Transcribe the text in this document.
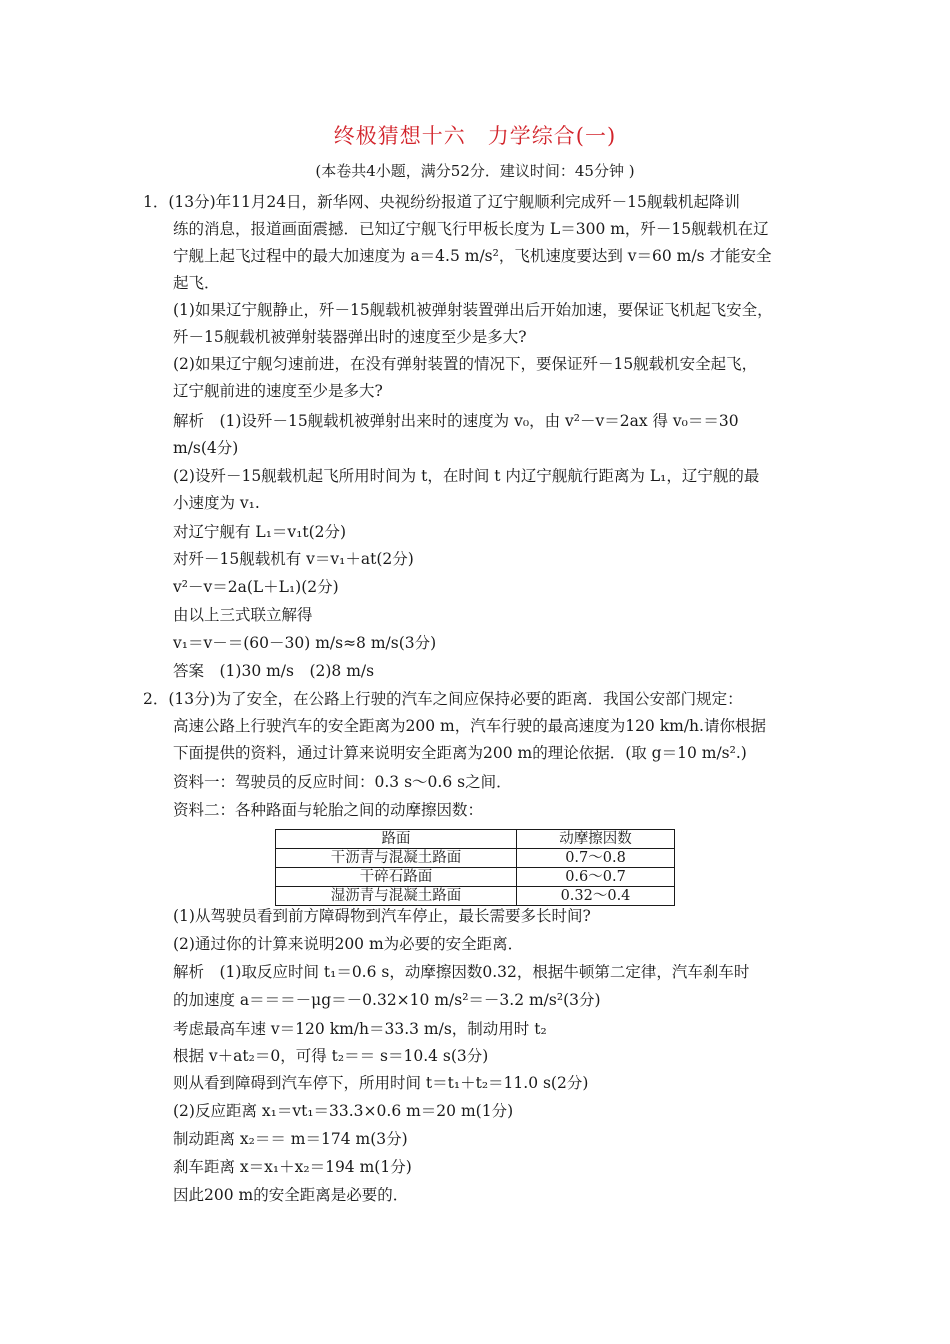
终极猜想十六　力学综合(一)
(本卷共4小题，满分52分．建议时间：45分钟 )
1．(13分)年11月24日，新华网、央视纷纷报道了辽宁舰顺利完成歼－15舰载机起降训
练的消息，报道画面震撼．已知辽宁舰飞行甲板长度为 L＝300 m，歼－15舰载机在辽
宁舰上起飞过程中的最大加速度为 a＝4.5 m/s²，飞机速度要达到 v＝60 m/s 才能安全
起飞．
(1)如果辽宁舰静止，歼－15舰载机被弹射装置弹出后开始加速，要保证飞机起飞安全，
歼－15舰载机被弹射装器弹出时的速度至少是多大?
(2)如果辽宁舰匀速前进，在没有弹射装置的情况下，要保证歼－15舰载机安全起飞，
辽宁舰前进的速度至少是多大?
解析　(1)设歼－15舰载机被弹射出来时的速度为 v₀，由 v²－v＝2ax 得 v₀＝＝30
m/s(4分)
(2)设歼－15舰载机起飞所用时间为 t，在时间 t 内辽宁舰航行距离为 L₁，辽宁舰的最
小速度为 v₁.
对辽宁舰有 L₁＝v₁t(2分)
对歼－15舰载机有 v＝v₁＋at(2分)
v²－v＝2a(L＋L₁)(2分)
由以上三式联立解得
v₁＝v－＝(60－30) m/s≈8 m/s(3分)
答案　(1)30 m/s　(2)8 m/s
2．(13分)为了安全，在公路上行驶的汽车之间应保持必要的距离．我国公安部门规定：
高速公路上行驶汽车的安全距离为200 m，汽车行驶的最高速度为120 km/h.请你根据
下面提供的资料，通过计算来说明安全距离为200 m的理论依据．(取 g＝10 m/s².)
资料一：驾驶员的反应时间：0.3 s～0.6 s之间．
资料二：各种路面与轮胎之间的动摩擦因数：
路面	动摩擦因数
干沥青与混凝土路面	0.7～0.8
干碎石路面	0.6～0.7
湿沥青与混凝土路面	0.32～0.4
(1)从驾驶员看到前方障碍物到汽车停止，最长需要多长时间?
(2)通过你的计算来说明200 m为必要的安全距离．
解析　(1)取反应时间 t₁＝0.6 s，动摩擦因数0.32，根据牛顿第二定律，汽车刹车时
的加速度 a＝＝＝－μg＝－0.32×10 m/s²＝－3.2 m/s²(3分)
考虑最高车速 v＝120 km/h＝33.3 m/s，制动用时 t₂
根据 v＋at₂＝0，可得 t₂＝＝ s＝10.4 s(3分)
则从看到障碍到汽车停下，所用时间 t＝t₁＋t₂＝11.0 s(2分)
(2)反应距离 x₁＝vt₁＝33.3×0.6 m＝20 m(1分)
制动距离 x₂＝＝ m＝174 m(3分)
刹车距离 x＝x₁＋x₂＝194 m(1分)
因此200 m的安全距离是必要的．
